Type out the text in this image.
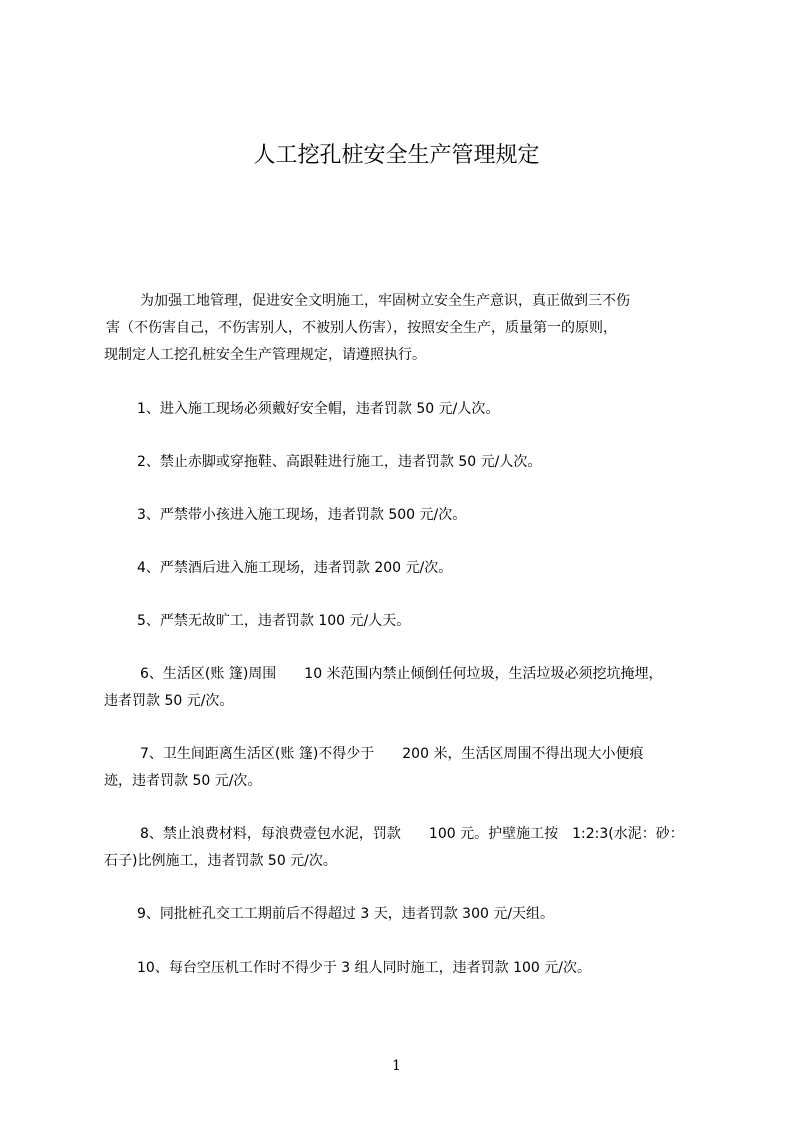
人工挖孔桩安全生产管理规定
为加强工地管理，促进安全文明施工，牢固树立安全生产意识，真正做到三不伤
害（不伤害自己，不伤害别人，不被别人伤害），按照安全生产，质量第一的原则，
现制定人工挖孔桩安全生产管理规定，请遵照执行。
1、进入施工现场必须戴好安全帽，违者罚款 50 元/人次。
2、禁止赤脚或穿拖鞋、高跟鞋进行施工，违者罚款 50 元/人次。
3、严禁带小孩进入施工现场，违者罚款 500 元/次。
4、严禁酒后进入施工现场，违者罚款 200 元/次。
5、严禁无故旷工，违者罚款 100 元/人天。
6、生活区(账 篷)周围　　10 米范围内禁止倾倒任何垃圾，生活垃圾必须挖坑掩埋，
违者罚款 50 元/次。
7、卫生间距离生活区(账 篷)不得少于　　200 米，生活区周围不得出现大小便痕
迹，违者罚款 50 元/次。
8、禁止浪费材料，每浪费壹包水泥，罚款　　100 元。护壁施工按　1:2:3(水泥：砂：
石子)比例施工，违者罚款 50 元/次。
9、同批桩孔交工工期前后不得超过 3 天，违者罚款 300 元/天组。
10、每台空压机工作时不得少于 3 组人同时施工，违者罚款 100 元/次。
1
